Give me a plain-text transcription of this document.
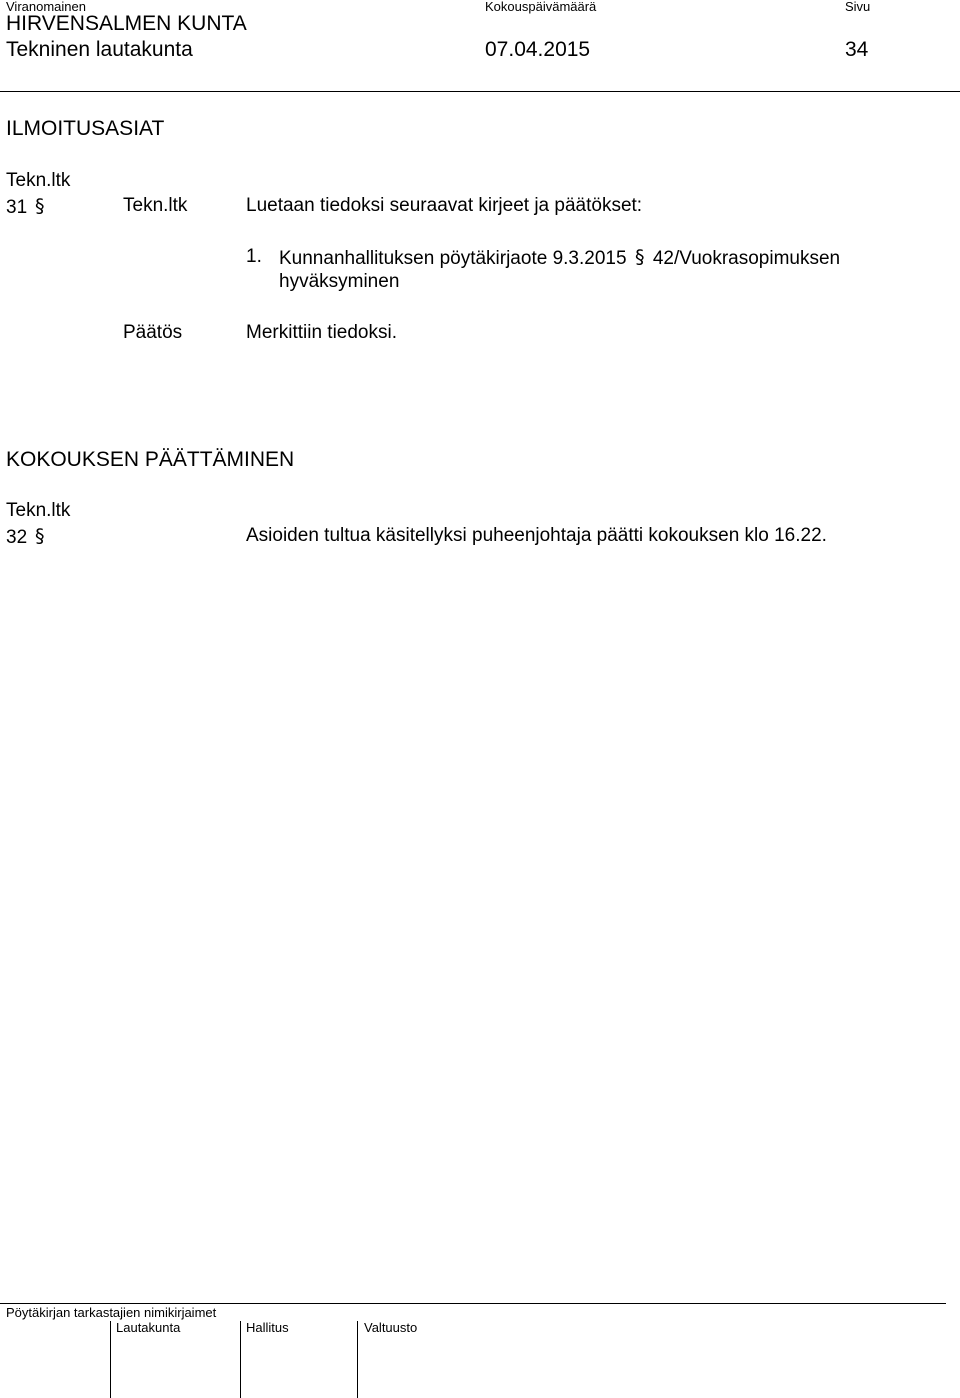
Viranomainen	Kokouspäivämäärä	Sivu
HIRVENSALMEN KUNTA
Tekninen lautakunta	07.04.2015	34
ILMOITUSASIAT
Tekn.ltk
31 §	Tekn.ltk	Luetaan tiedoksi seuraavat kirjeet ja päätökset:
1. Kunnanhallituksen pöytäkirjaote 9.3.2015 § 42/Vuokrasopimuksen
hyväksyminen
Päätös	Merkittiin tiedoksi.
KOKOUKSEN PÄÄTTÄMINEN
Tekn.ltk
32 §	Asioiden tultua käsitellyksi puheenjohtaja päätti kokouksen klo 16.22.
Pöytäkirjan tarkastajien nimikirjaimet
Lautakunta	Hallitus	Valtuusto
